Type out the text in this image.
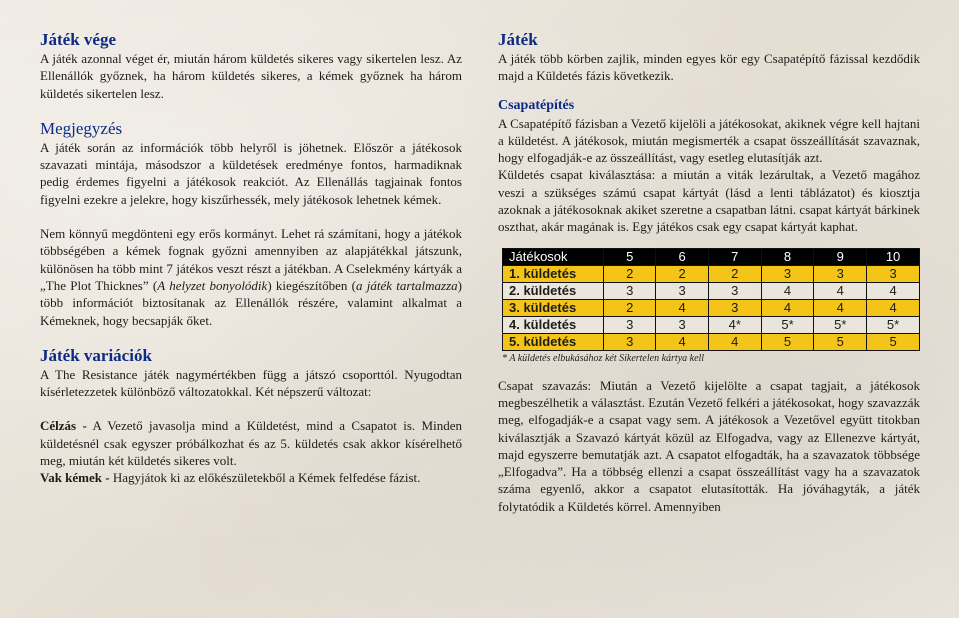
Játék vége

A játék azonnal véget ér, miután három küldetés sikeres vagy sikertelen lesz. Az Ellenállók győznek, ha három küldetés sikeres, a kémek győznek ha három küldetés sikertelen lesz.

Megjegyzés

A játék során az információk több helyről is jöhetnek. Először a játékosok szavazati mintája, másodszor a küldetések eredménye fontos, harmadiknak pedig érdemes figyelni a játékosok reakciót. Az Ellenállás tagjainak fontos figyelni ezekre a jelekre, hogy kiszűrhessék, mely játékosok lehetnek kémek.

Nem könnyű megdönteni egy erős kormányt. Lehet rá számítani, hogy a játékok többségében a kémek fognak győzni amennyiben az alapjátékkal játszunk, különösen ha több mint 7 játékos veszt részt a játékban. A Cselekmény kártyák a „The Plot Thicknes” (A helyzet bonyolódik) kiegészítőben (a játék tartalmazza) több információt biztosítanak az Ellenállók részére, valamint alkalmat a Kémeknek, hogy becsapják őket.

Játék variációk

A The Resistance játék nagymértékben függ a játszó csoporttól. Nyugodtan kísérletezzetek különböző változatokkal. Két népszerű változat:

Célzás - A Vezető javasolja mind a Küldetést, mind a Csapatot is. Minden küldetésnél csak egyszer próbálkozhat és az 5. küldetés csak akkor kísérelhető meg, miután két küldetés sikeres volt.

Vak kémek - Hagyjátok ki az előkészületekből a Kémek felfedése fázist.

Játék

A játék több körben zajlik, minden egyes kör egy Csapatépítő fázissal kezdődik majd a Küldetés fázis következik.

Csapatépítés

A Csapatépítő fázisban a Vezető kijelöli a játékosokat, akiknek végre kell hajtani a küldetést. A játékosok, miután megismerték a csapat összeállítását szavaznak, hogy elfogadják-e az összeállítást, vagy esetleg elutasítják azt.

Küldetés csapat kiválasztása: a miután a viták lezárultak, a Vezető magához veszi a szükséges számú csapat kártyát (lásd a lenti táblázatot) és kiosztja azoknak a játékosoknak akiket szeretne a csapatban látni. csapat kártyát bárkinek oszthat, akár magának is. Egy játékos csak egy csapat kártyát kaphat.

Játékosok	5	6	7	8	9	10
1. küldetés	2	2	2	3	3	3
2. küldetés	3	3	3	4	4	4
3. küldetés	2	4	3	4	4	4
4. küldetés	3	3	4*	5*	5*	5*
5. küldetés	3	4	4	5	5	5
* A küldetés elbukásához két Sikertelen kártya kell

Csapat szavazás: Miután a Vezető kijelölte a csapat tagjait, a játékosok megbeszélhetik a választást. Ezután Vezető felkéri a játékosokat, hogy szavazzák meg, elfogadják-e a csapat vagy sem. A játékosok a Vezetővel együtt titokban kiválasztják a Szavazó kártyát közül az Elfogadva, vagy az Ellenezve kártyát, majd egyszerre bemutatják azt. A csapatot elfogadták, ha a szavazatok többsége „Elfogadva”. Ha a többség ellenzi a csapat összeállítást vagy ha a szavazatok száma egyenlő, akkor a csapatot elutasították. Ha jóváhagyták, a játék folytatódik a Küldetés körrel. Amennyiben
